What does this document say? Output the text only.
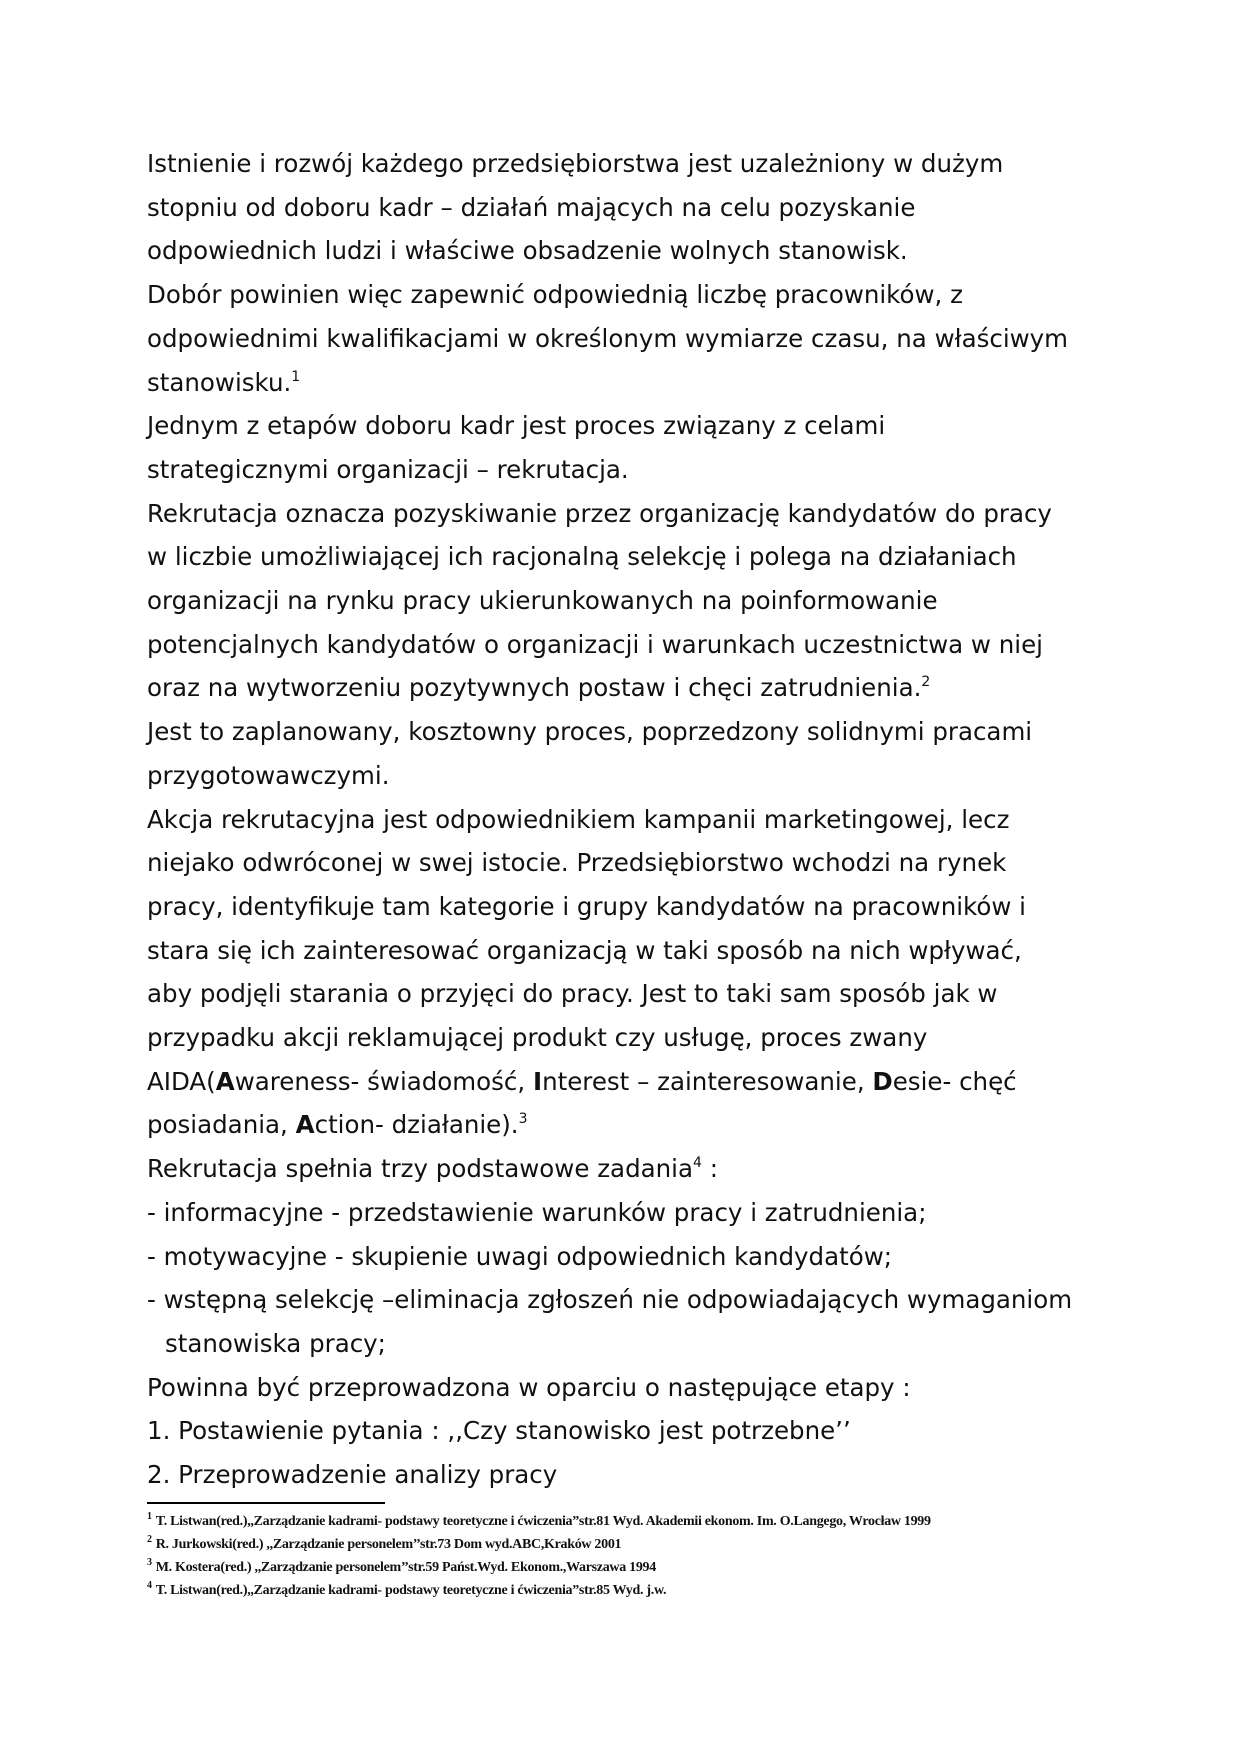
Istnienie i rozwój każdego przedsiębiorstwa jest uzależniony w dużym
stopniu od doboru kadr – działań mających na celu pozyskanie
odpowiednich ludzi i właściwe obsadzenie wolnych stanowisk.
Dobór powinien więc zapewnić odpowiednią liczbę pracowników, z
odpowiednimi kwalifikacjami w określonym wymiarze czasu, na właściwym
stanowisku.$^1$
Jednym z etapów doboru kadr jest proces związany z celami
strategicznymi organizacji – rekrutacja.
Rekrutacja oznacza pozyskiwanie przez organizację kandydatów do pracy
w liczbie umożliwiającej ich racjonalną selekcję i polega na działaniach
organizacji na rynku pracy ukierunkowanych na poinformowanie
potencjalnych kandydatów o organizacji i warunkach uczestnictwa w niej
oraz na wytworzeniu pozytywnych postaw i chęci zatrudnienia.$^2$
Jest to zaplanowany, kosztowny proces, poprzedzony solidnymi pracami
przygotowawczymi.
Akcja rekrutacyjna jest odpowiednikiem kampanii marketingowej, lecz
niejako odwróconej w swej istocie. Przedsiębiorstwo wchodzi na rynek
pracy, identyfikuje tam kategorie i grupy kandydatów na pracowników i
stara się ich zainteresować organizacją w taki sposób na nich wpływać,
aby podjęli starania o przyjęci do pracy. Jest to taki sam sposób jak w
przypadku akcji reklamującej produkt czy usługę, proces zwany
AIDA(Awareness- świadomość, Interest – zainteresowanie, Desie- chęć
posiadania, Action- działanie).$^3$
Rekrutacja spełnia trzy podstawowe zadania$^4$ :
- informacyjne - przedstawienie warunków pracy i zatrudnienia;
- motywacyjne - skupienie uwagi odpowiednich kandydatów;
- wstępną selekcję –eliminacja zgłoszeń nie odpowiadających wymaganiom
stanowiska pracy;
Powinna być przeprowadzona w oparciu o następujące etapy :
1. Postawienie pytania : ,,Czy stanowisko jest potrzebne’’
2. Przeprowadzenie analizy pracy
$^1$ T. Listwan(red.),,Zarządzanie kadrami- podstawy teoretyczne i ćwiczenia”str.81 Wyd. Akademii ekonom. Im. O.Langego, Wrocław 1999
$^2$ R. Jurkowski(red.) ,,Zarządzanie personelem’’str.73 Dom wyd.ABC,Kraków 2001
$^3$ M. Kostera(red.) ,,Zarządzanie personelem’’str.59 Państ.Wyd. Ekonom.,Warszawa 1994
$^4$ T. Listwan(red.),,Zarządzanie kadrami- podstawy teoretyczne i ćwiczenia”str.85 Wyd. j.w.
